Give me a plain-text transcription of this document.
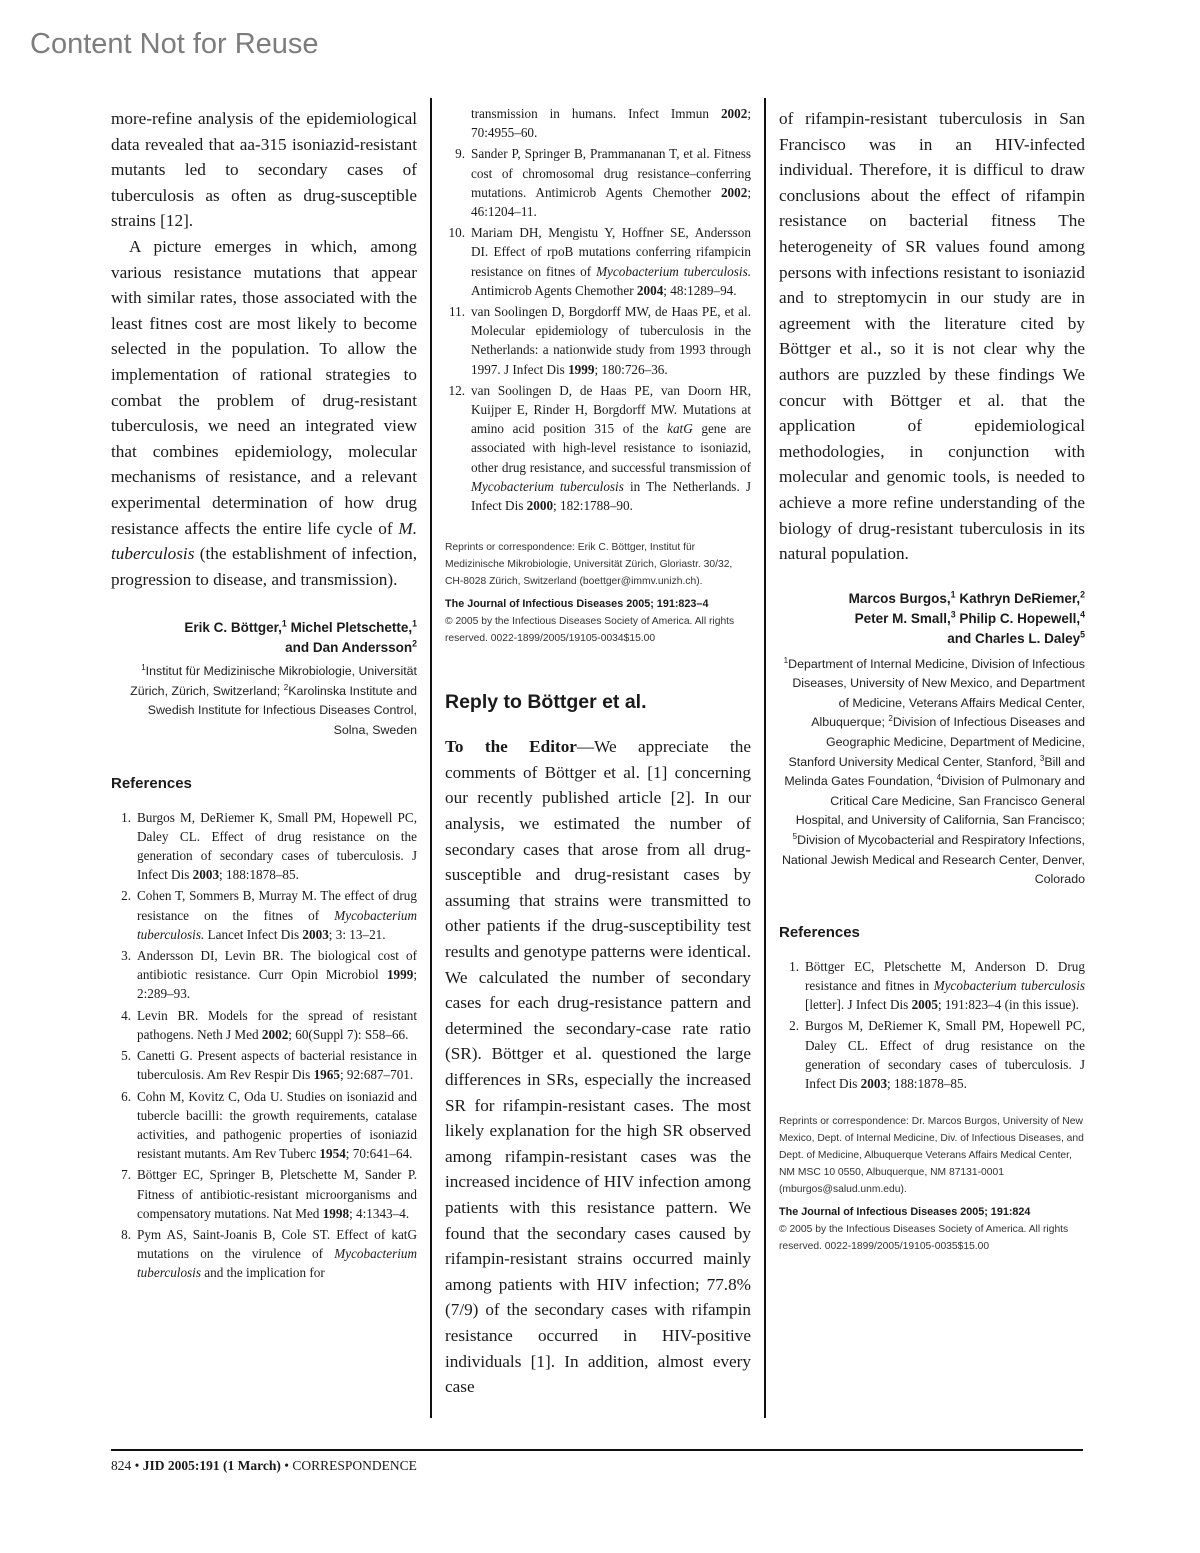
Content Not for Reuse

more-refine analysis of the epidemiological data revealed that aa-315 isoniazid-resistant mutants led to secondary cases of tuberculosis as often as drug-susceptible strains [12].

A picture emerges in which, among various resistance mutations that appear with similar rates, those associated with the least fitnes cost are most likely to become selected in the population. To allow the implementation of rational strategies to combat the problem of drug-resistant tuberculosis, we need an integrated view that combines epidemiology, molecular mechanisms of resistance, and a relevant experimental determination of how drug resistance affects the entire life cycle of M. tuberculosis (the establishment of infection, progression to disease, and transmission).

Erik C. Böttger,$^1$ Michel Pletschette,$^1$
and Dan Andersson$^2$

$^1$Institut für Medizinische Mikrobiologie, Universität Zürich, Zürich, Switzerland; $^2$Karolinska Institute and Swedish Institute for Infectious Diseases Control, Solna, Sweden

References

1 . Burgos M, DeRiemer K, Small PM, Hopewell PC, Daley CL. Effect of drug resistance on the generation of secondary cases of tuberculosis. J Infect Dis 2003; 188:1878–85.
2 . Cohen T, Sommers B, Murray M. The effect of drug resistance on the fitnes of Mycobacterium tuberculosis. Lancet Infect Dis 2003; 3: 13–21.
3 . Andersson DI, Levin BR. The biological cost of antibiotic resistance. Curr Opin Microbiol 1999; 2:289–93.
4 . Levin BR. Models for the spread of resistant pathogens. Neth J Med 2002; 60(Suppl 7): S58–66.
5 . Canetti G. Present aspects of bacterial resistance in tuberculosis. Am Rev Respir Dis 1965; 92:687–701.
6 . Cohn M, Kovitz C, Oda U. Studies on isoniazid and tubercle bacilli: the growth requirements, catalase activities, and pathogenic properties of isoniazid resistant mutants. Am Rev Tuberc 1954; 70:641–64.
7 . Böttger EC, Springer B, Pletschette M, Sander P. Fitness of antibiotic-resistant microorganisms and compensatory mutations. Nat Med 1998; 4:1343–4.
8 . Pym AS, Saint-Joanis B, Cole ST. Effect of katG mutations on the virulence of Mycobacterium tuberculosis and the implication for
transmission in humans. Infect Immun 2002; 70:4955–60.
9 . Sander P, Springer B, Prammananan T, et al. Fitness cost of chromosomal drug resistance–conferring mutations. Antimicrob Agents Chemother 2002; 46:1204–11.
10 . Mariam DH, Mengistu Y, Hoffner SE, Andersson DI. Effect of rpoB mutations conferring rifampicin resistance on fitnes of Mycobacterium tuberculosis. Antimicrob Agents Chemother 2004; 48:1289–94.
11 . van Soolingen D, Borgdorff MW, de Haas PE, et al. Molecular epidemiology of tuberculosis in the Netherlands: a nationwide study from 1993 through 1997. J Infect Dis 1999; 180:726–36.
12 . van Soolingen D, de Haas PE, van Doorn HR, Kuijper E, Rinder H, Borgdorff MW. Mutations at amino acid position 315 of the katG gene are associated with high-level resistance to isoniazid, other drug resistance, and successful transmission of Mycobacterium tuberculosis in The Netherlands. J Infect Dis 2000; 182:1788–90.

Reprints or correspondence: Erik C. Böttger, Institut für Medizinische Mikrobiologie, Universität Zürich, Gloriastr. 30/32, CH-8028 Zürich, Switzerland (boettger@immv.unizh.ch).

The Journal of Infectious Diseases 2005; 191:823–4

© 2005 by the Infectious Diseases Society of America. All rights reserved. 0022-1899/2005/19105-0034$15.00

Reply to Böttger et al.

To the Editor—We appreciate the comments of Böttger et al. [1] concerning our recently published article [2]. In our analysis, we estimated the number of secondary cases that arose from all drug-susceptible and drug-resistant cases by assuming that strains were transmitted to other patients if the drug-susceptibility test results and genotype patterns were identical. We calculated the number of secondary cases for each drug-resistance pattern and determined the secondary-case rate ratio (SR). Böttger et al. questioned the large differences in SRs, especially the increased SR for rifampin-resistant cases. The most likely explanation for the high SR observed among rifampin-resistant cases was the increased incidence of HIV infection among patients with this resistance pattern. We found that the secondary cases caused by rifampin-resistant strains occurred mainly among patients with HIV infection; 77.8% (7/9) of the secondary cases with rifampin resistance occurred in HIV-positive individuals [1]. In addition, almost every case

of rifampin-resistant tuberculosis in San Francisco was in an HIV-infected individual. Therefore, it is difficul to draw conclusions about the effect of rifampin resistance on bacterial fitness The heterogeneity of SR values found among persons with infections resistant to isoniazid and to streptomycin in our study are in agreement with the literature cited by Böttger et al., so it is not clear why the authors are puzzled by these findings We concur with Böttger et al. that the application of epidemiological methodologies, in conjunction with molecular and genomic tools, is needed to achieve a more refine understanding of the biology of drug-resistant tuberculosis in its natural population.

Marcos Burgos,$^1$ Kathryn DeRiemer,$^2$
Peter M. Small,$^3$ Philip C. Hopewell,$^4$
and Charles L. Daley$^5$

$^1$Department of Internal Medicine, Division of Infectious Diseases, University of New Mexico, and Department of Medicine, Veterans Affairs Medical Center, Albuquerque; $^2$Division of Infectious Diseases and Geographic Medicine, Department of Medicine, Stanford University Medical Center, Stanford, $^3$Bill and Melinda Gates Foundation, $^4$Division of Pulmonary and Critical Care Medicine, San Francisco General Hospital, and University of California, San Francisco; $^5$Division of Mycobacterial and Respiratory Infections, National Jewish Medical and Research Center, Denver, Colorado

References

1 . Böttger EC, Pletschette M, Anderson D. Drug resistance and fitnes in Mycobacterium tuberculosis [letter]. J Infect Dis 2005; 191:823–4 (in this issue).
2 . Burgos M, DeRiemer K, Small PM, Hopewell PC, Daley CL. Effect of drug resistance on the generation of secondary cases of tuberculosis. J Infect Dis 2003; 188:1878–85.

Reprints or correspondence: Dr. Marcos Burgos, University of New Mexico, Dept. of Internal Medicine, Div. of Infectious Diseases, and Dept. of Medicine, Albuquerque Veterans Affairs Medical Center, NM MSC 10 0550, Albuquerque, NM 87131-0001 (mburgos@salud.unm.edu).

The Journal of Infectious Diseases 2005; 191:824

© 2005 by the Infectious Diseases Society of America. All rights reserved. 0022-1899/2005/19105-0035$15.00

824 • JID 2005:191 (1 March) • CORRESPONDENCE
